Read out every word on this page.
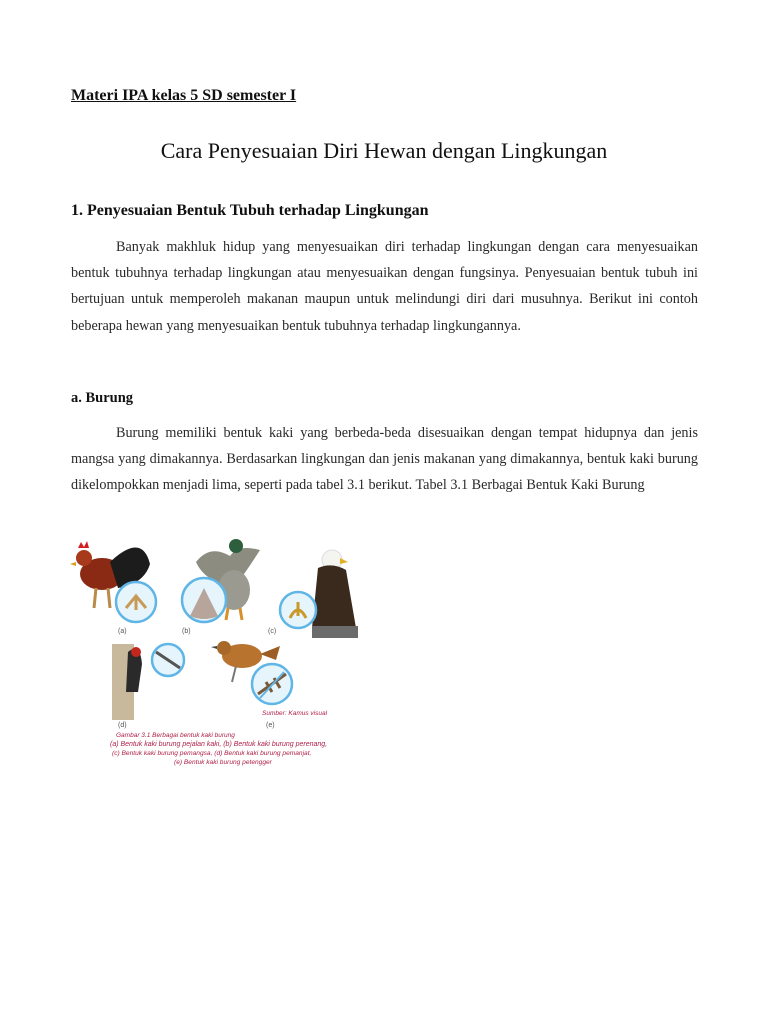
Materi IPA kelas 5 SD semester I
Cara Penyesuaian Diri Hewan dengan Lingkungan
1. Penyesuaian Bentuk Tubuh terhadap Lingkungan

Banyak makhluk hidup yang menyesuaikan diri terhadap lingkungan dengan cara menyesuaikan bentuk tubuhnya terhadap lingkungan atau menyesuaikan dengan fungsinya. Penyesuaian bentuk tubuh ini bertujuan untuk memperoleh makanan maupun untuk melindungi diri dari musuhnya. Berikut ini contoh beberapa hewan yang menyesuaikan bentuk tubuhnya terhadap lingkungannya.

a. Burung

Burung memiliki bentuk kaki yang berbeda-beda disesuaikan dengan tempat hidupnya dan jenis mangsa yang dimakannya. Berdasarkan lingkungan dan jenis makanan yang dimakannya, bentuk kaki burung dikelompokkan menjadi lima, seperti pada tabel 3.1 berikut. Tabel 3.1 Berbagai Bentuk Kaki Burung

(a)	(b)	(c)
(d)	(e)
Sumber: Kamus visual
Gambar 3.1 Berbagai bentuk kaki burung
(a) Bentuk kaki burung pejalan kaki, (b) Bentuk kaki burung perenang,
(c) Bentuk kaki burung pemangsa, (d) Bentuk kaki burung pemanjat,
(e) Bentuk kaki burung petengger
